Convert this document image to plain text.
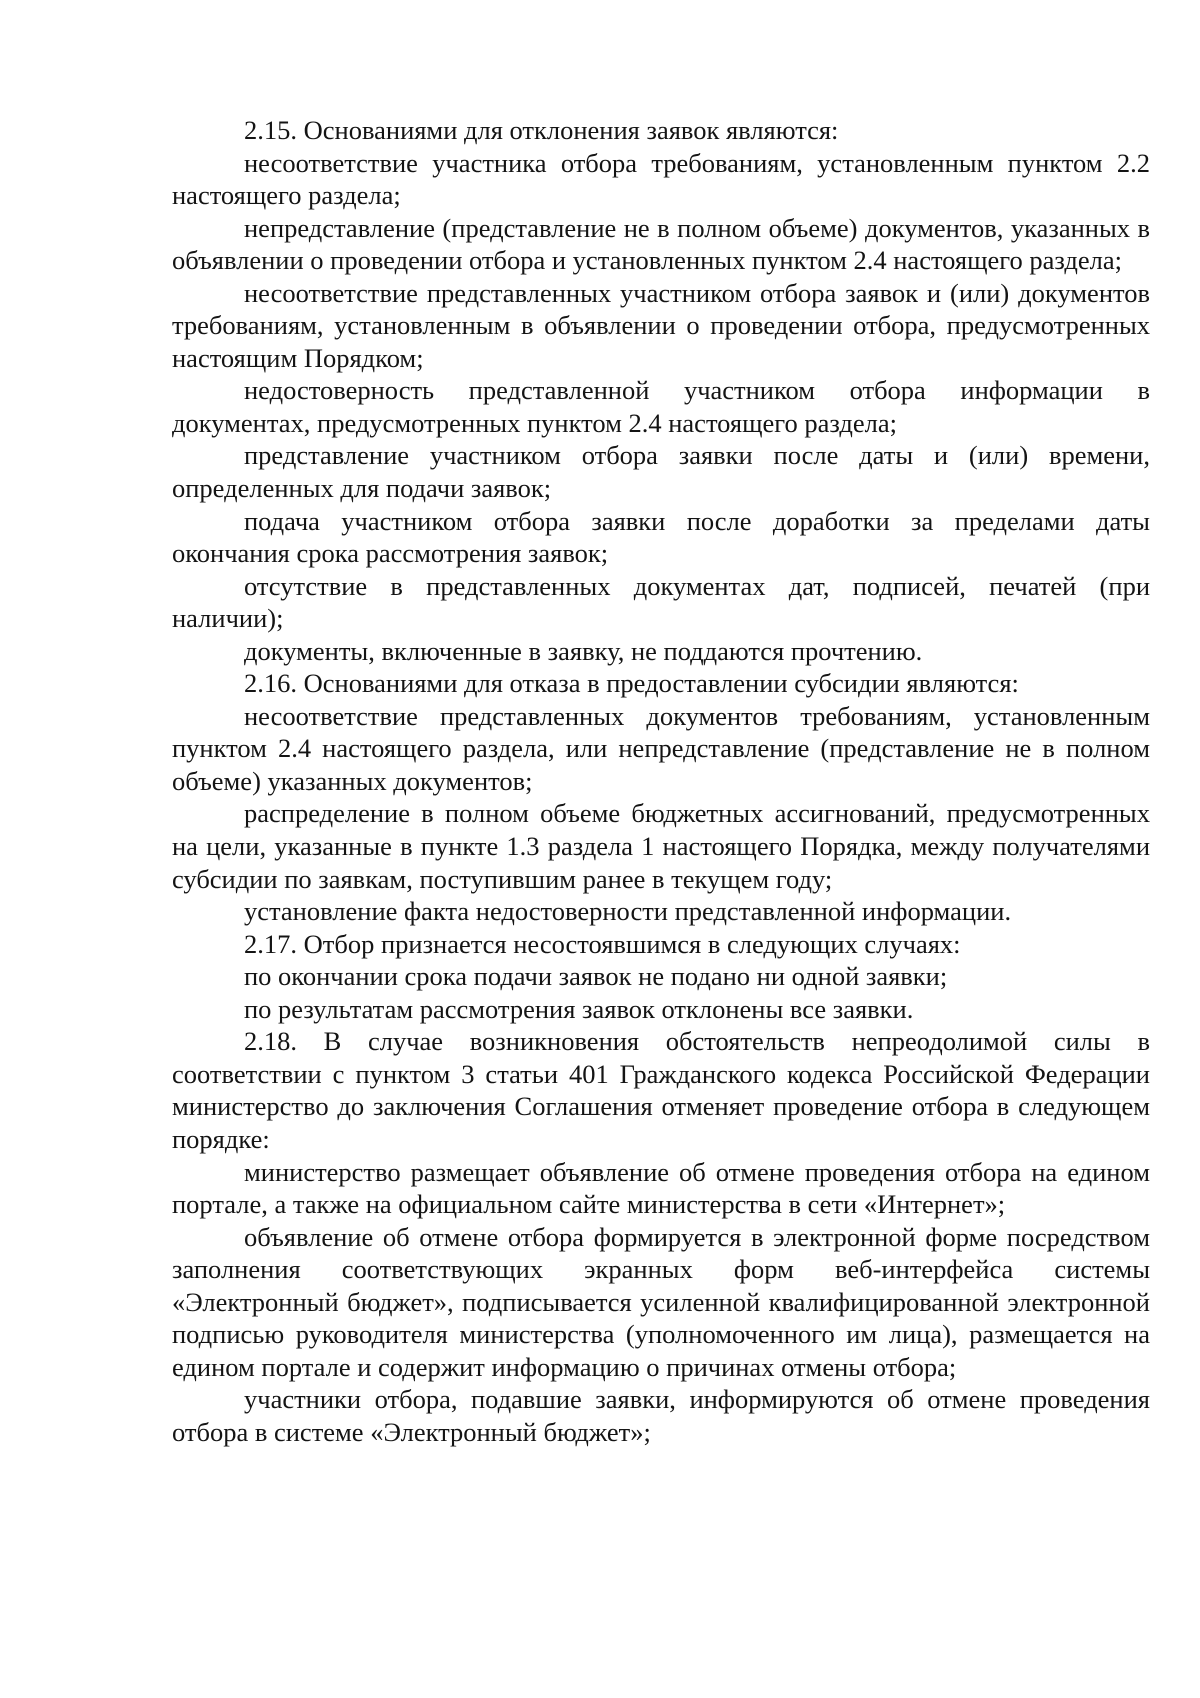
2.15. Основаниями для отклонения заявок являются:

несоответствие участника отбора требованиям, установленным пунктом 2.2 настоящего раздела;

непредставление (представление не в полном объеме) документов, указанных в объявлении о проведении отбора и установленных пунктом 2.4 настоящего раздела;

несоответствие представленных участником отбора заявок и (или) документов требованиям, установленным в объявлении о проведении отбора, предусмотренных настоящим Порядком;

недостоверность представленной участником отбора информации в документах, предусмотренных пунктом 2.4 настоящего раздела;

представление участником отбора заявки после даты и (или) времени, определенных для подачи заявок;

подача участником отбора заявки после доработки за пределами даты окончания срока рассмотрения заявок;

отсутствие в представленных документах дат, подписей, печатей (при наличии);

документы, включенные в заявку, не поддаются прочтению.

2.16. Основаниями для отказа в предоставлении субсидии являются:

несоответствие представленных документов требованиям, установленным пунктом 2.4 настоящего раздела, или непредставление (представление не в полном объеме) указанных документов;

распределение в полном объеме бюджетных ассигнований, предусмотренных на цели, указанные в пункте 1.3 раздела 1 настоящего Порядка, между получателями субсидии по заявкам, поступившим ранее в текущем году;

установление факта недостоверности представленной информации.

2.17. Отбор признается несостоявшимся в следующих случаях:

по окончании срока подачи заявок не подано ни одной заявки;

по результатам рассмотрения заявок отклонены все заявки.

2.18. В случае возникновения обстоятельств непреодолимой силы в соответствии с пунктом 3 статьи 401 Гражданского кодекса Российской Федерации министерство до заключения Соглашения отменяет проведение отбора в следующем порядке:

министерство размещает объявление об отмене проведения отбора на едином портале, а также на официальном сайте министерства в сети «Интернет»;

объявление об отмене отбора формируется в электронной форме посредством заполнения соответствующих экранных форм веб-интерфейса системы «Электронный бюджет», подписывается усиленной квалифицированной электронной подписью руководителя министерства (уполномоченного им лица), размещается на едином портале и содержит информацию о причинах отмены отбора;

участники отбора, подавшие заявки, информируются об отмене проведения отбора в системе «Электронный бюджет»;
